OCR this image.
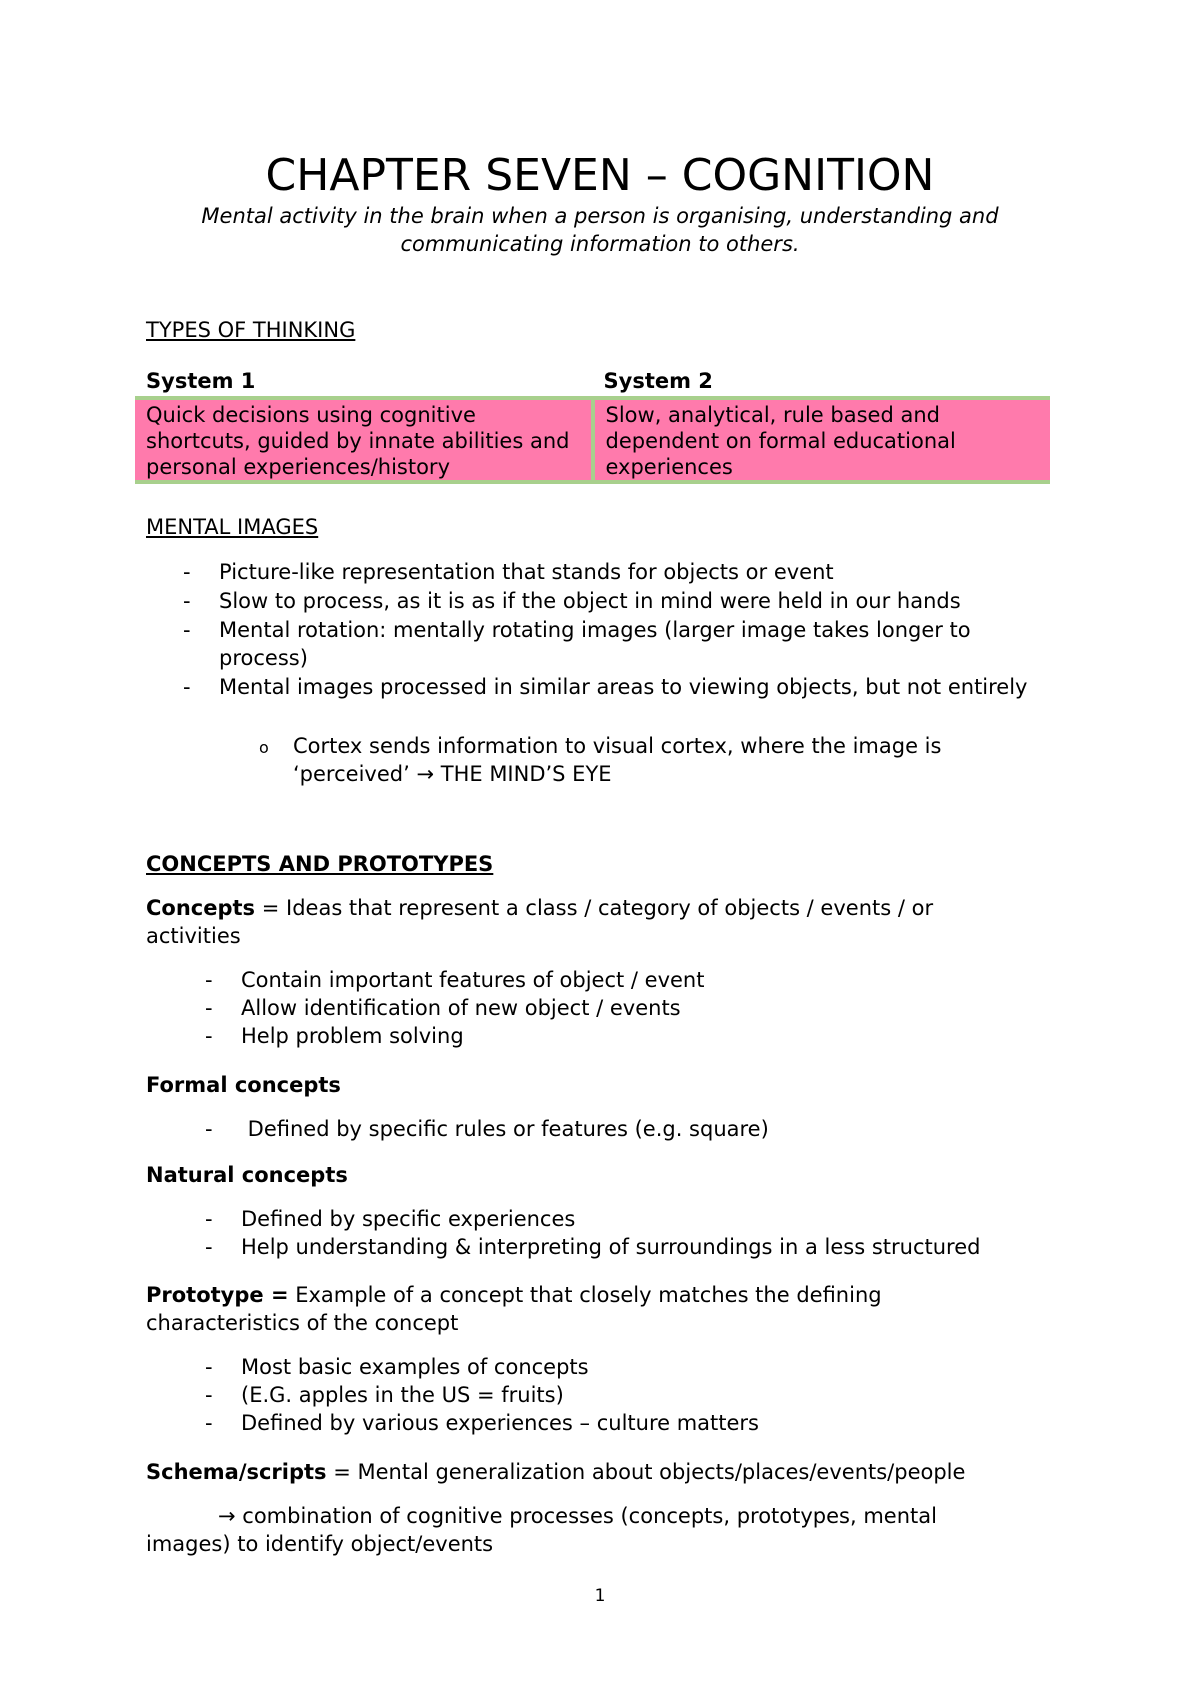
CHAPTER SEVEN – COGNITION
Mental activity in the brain when a person is organising, understanding and communicating information to others.
TYPES OF THINKING
System 1	System 2
Quick decisions using cognitive shortcuts, guided by innate abilities and personal experiences/history	Slow, analytical, rule based and dependent on formal educational experiences
MENTAL IMAGES
- Picture-like representation that stands for objects or event
- Slow to process, as it is as if the object in mind were held in our hands
- Mental rotation: mentally rotating images (larger image takes longer to process)
- Mental images processed in similar areas to viewing objects, but not entirely
o Cortex sends information to visual cortex, where the image is ‘perceived’ → THE MIND’S EYE
CONCEPTS AND PROTOTYPES
Concepts = Ideas that represent a class / category of objects / events / or activities
- Contain important features of object / event
- Allow identification of new object / events
- Help problem solving
Formal concepts
- Defined by specific rules or features (e.g. square)
Natural concepts
- Defined by specific experiences
- Help understanding & interpreting of surroundings in a less structured
Prototype = Example of a concept that closely matches the defining characteristics of the concept
- Most basic examples of concepts
- (E.G. apples in the US = fruits)
- Defined by various experiences – culture matters
Schema/scripts = Mental generalization about objects/places/events/people
→ combination of cognitive processes (concepts, prototypes, mental
images) to identify object/events
1
